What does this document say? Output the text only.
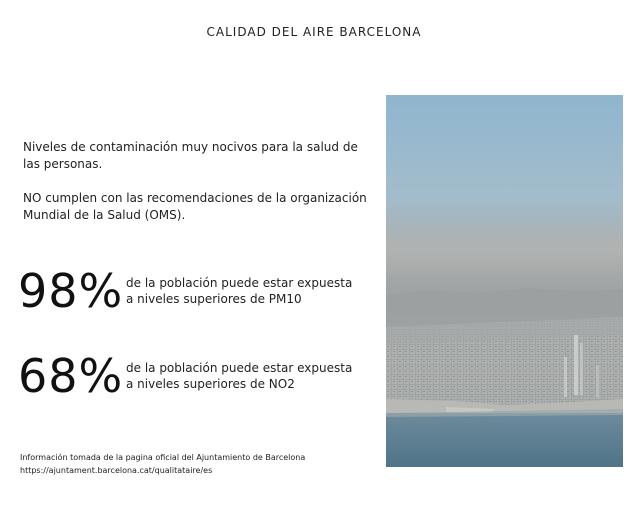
CALIDAD DEL AIRE BARCELONA

Niveles de contaminación muy nocivos para la salud de las personas.

NO cumplen con las recomendaciones de la organización Mundial de la Salud (OMS).

98% de la población puede estar expuesta
a niveles superiores de PM10
68% de la población puede estar expuesta
a niveles superiores de NO2
Información tomada de la pagina oficial del Ajuntamiento de Barcelona
https://ajuntament.barcelona.cat/qualitataire/es
